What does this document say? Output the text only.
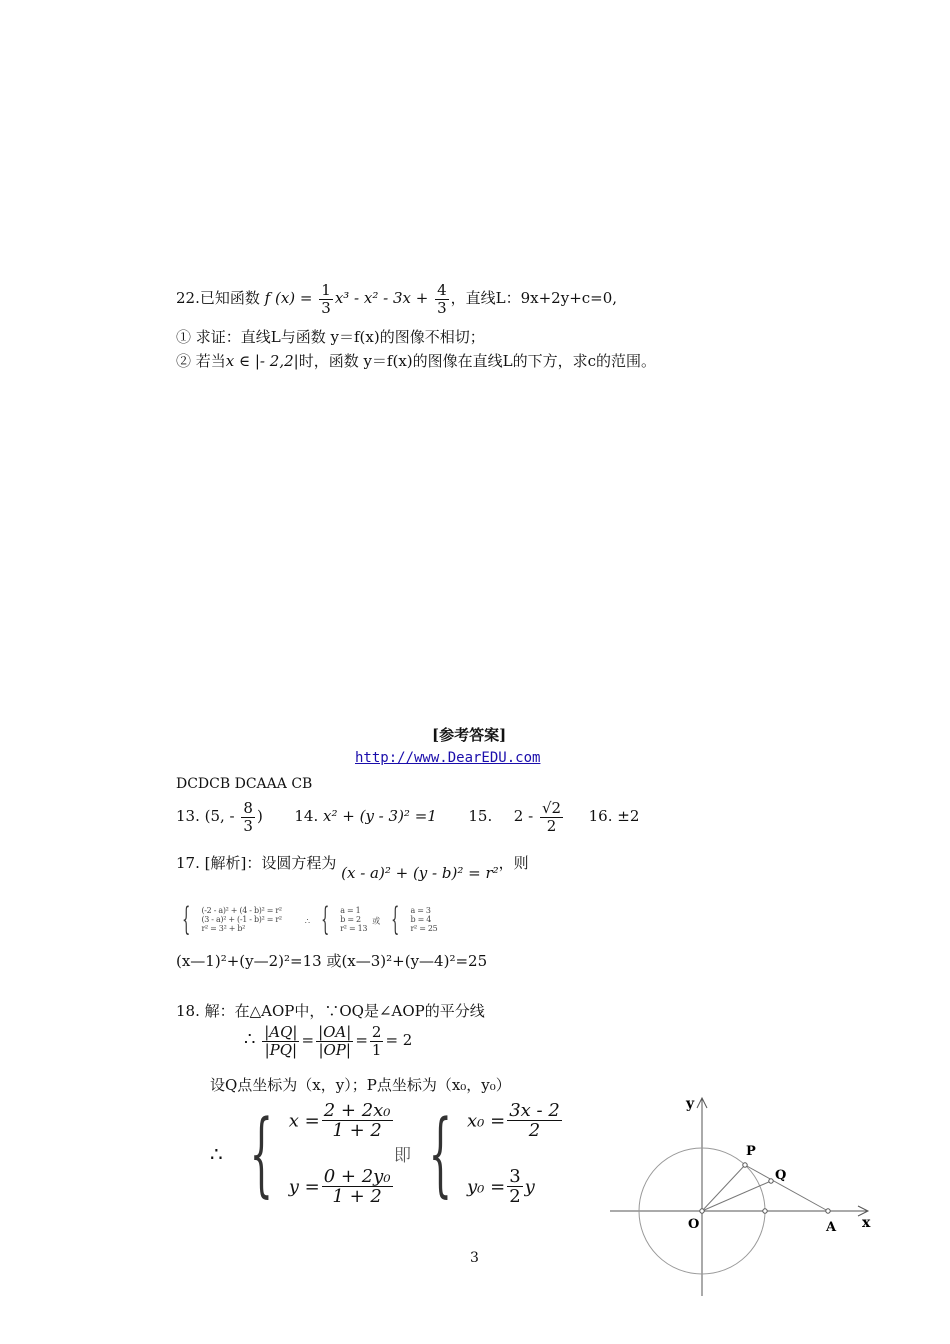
22.已知函数 f $(x) = \frac{1}{3} x^3 - x^2 - 3x + \frac{4}{3}$ ，直线L：9x+2y+c=0,
① 求证：直线L与函数 y＝f(x)的图像不相切；
② 若当x ∈ |- 2,2|时，函数 y＝f(x)的图像在直线L的下方，求c的范围。
[参考答案]
http://www.DearEDU.com
DCDCB DCAAA CB
13. (5, - $\frac{8}{3}$ ) 14. x² + (y - 3)² =1 15. $2 - \frac{√2}{2} 16$. ±2
17. [解析]：设圆方程为 (x - a)² + (y - b)² = r²，则
{ (-2 - a)² + (4 - b)² = r²
(3 - a)² + (-1 - b)² = r²
r² = 3² + b²
∴ { a = 1
b = 2
r² = 13
或 { a = 3
b = 4
r² = 25
(x—1)²+(y—2)²=13 或(x—3)²+(y—4)²=25
18. 解：在△AOP中，∵OQ是∠AOP的平分线
∴ $\frac{|AQ|}{|PQ|} = \frac{|OA|}{|OP|} = \frac{2}{1} = 2$
设Q点坐标为（x，y）；P点坐标为（x₀，y₀）
∴ { $x = \frac{\text{2 + 2x₀}}{1 + 2}$
$y = \frac{\text{0 + 2y₀}}{1 + 2}$
即 { $x_0 = \frac{3x - 2}{2}$
$y_0 = \frac{3}{2}$ y
y
x
O
P
Q
A
3
